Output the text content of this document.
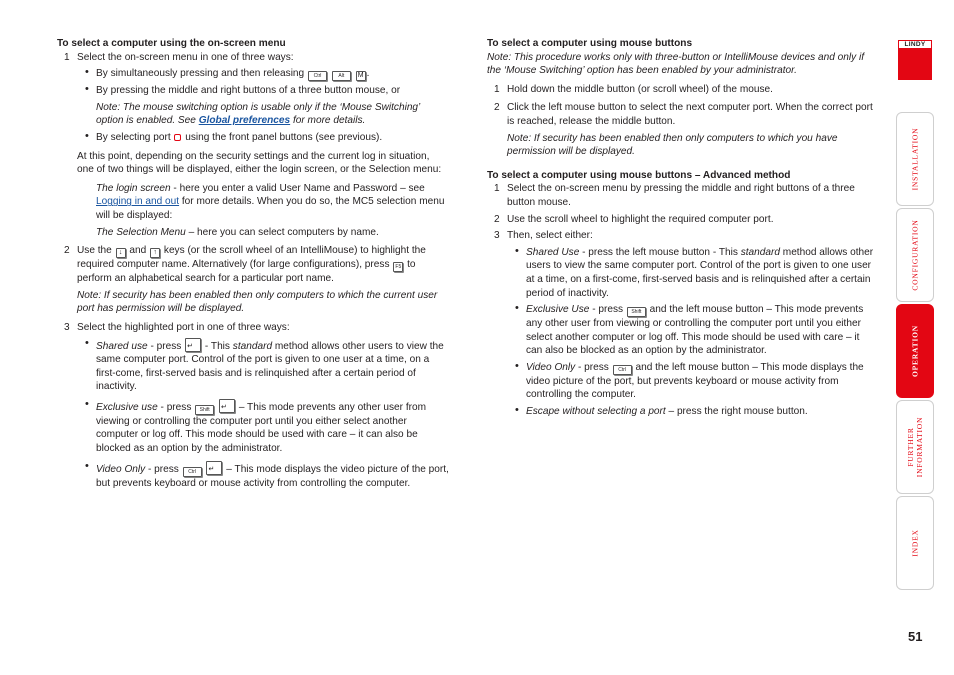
To select a computer using the on-screen menu

1 Select the on-screen menu in one of three ways:
• By simultaneously pressing and then releasing Ctrl	Alt M .
• By pressing the middle and right buttons of a three button mouse, or
Note: The mouse switching option is usable only if the ‘Mouse Switching’ option is enabled. See Global preferences for more details.
• By selecting port using the front panel buttons (see previous).

At this point, depending on the security settings and the current log in situation, one of two things will be displayed, either the login screen, or the Selection menu:

The login screen - here you enter a valid User Name and Password – see Logging in and out for more details. When you do so, the MC5 selection menu will be displayed:
The Selection Menu – here you can select computers by name.
2 Use the ↓ and ↑ keys (or the scroll wheel of an IntelliMouse) to highlight the required computer name. Alternatively (for large configurations), press F5 to perform an alphabetical search for a particular port name.

Note: If security has been enabled then only computers to which the current user port has permission will be displayed.

3 Select the highlighted port in one of three ways:
• Shared use - press ↵ - This standard method allows other users to view the same computer port. Control of the port is given to one user at a time, on a first-come, first-served basis and is relinquished after a certain period of inactivity.
• Exclusive use - press Shift ↵	– This mode prevents any other user from viewing or controlling the computer port until you either select another computer or log off. This mode should be used with care – it can also be blocked as an option by the administrator.
• Video Only - press Ctrl ↵	– This mode displays the video picture of the port, but prevents keyboard or mouse activity from controlling the computer.

To select a computer using mouse buttons

Note: This procedure works only with three-button or IntelliMouse devices and only if the ‘Mouse Switching’ option has been enabled by your administrator.

1 Hold down the middle button (or scroll wheel) of the mouse.
2 Click the left mouse button to select the next computer port. When the correct port is reached, release the middle button.

Note: If security has been enabled then only computers to which you have permission will be displayed.

To select a computer using mouse buttons – Advanced method

1 Select the on-screen menu by pressing the middle and right buttons of a three button mouse.
2 Use the scroll wheel to highlight the required computer port.
3 Then, select either:
• Shared Use - press the left mouse button - This standard method allows other users to view the same computer port. Control of the port is given to one user at a time, on a first-come, first-served basis and is relinquished after a certain period of inactivity.
• Exclusive Use - press Shift and the left mouse button – This mode prevents any other user from viewing or controlling the computer port until you either select another computer or log off. This mode should be used with care – it can also be blocked as an option by the administrator.
• Video Only - press Ctrl and the left mouse button – This mode displays the video picture of the port, but prevents keyboard or mouse activity from controlling the computer.
• Escape without selecting a port – press the right mouse button.
LINDY
INSTALLATION
CONFIGURATION
OPERATION
FURTHER
INFORMATION
INDEX
51
